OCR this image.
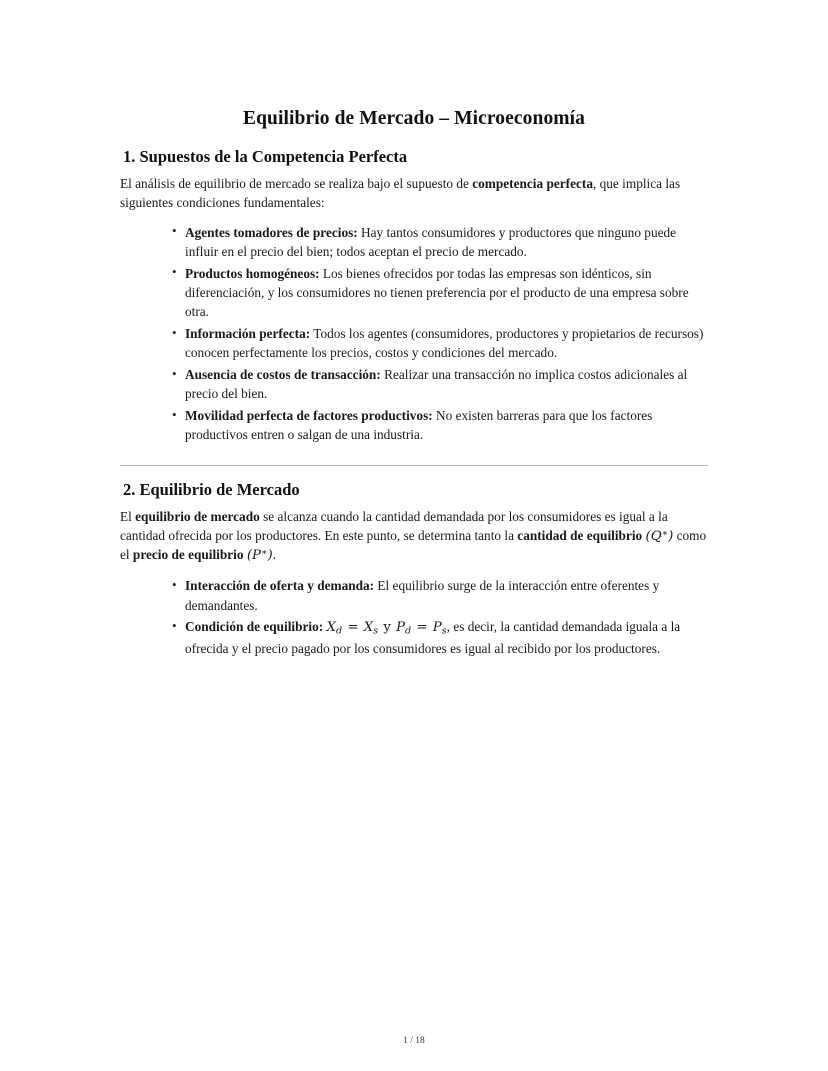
Equilibrio de Mercado – Microeconomía
1. Supuestos de la Competencia Perfecta

El análisis de equilibrio de mercado se realiza bajo el supuesto de competencia perfecta, que implica las siguientes condiciones fundamentales:

• Agentes tomadores de precios: Hay tantos consumidores y productores que ninguno puede influir en el precio del bien; todos aceptan el precio de mercado.
• Productos homogéneos: Los bienes ofrecidos por todas las empresas son idénticos, sin diferenciación, y los consumidores no tienen preferencia por el producto de una empresa sobre otra.
• Información perfecta: Todos los agentes (consumidores, productores y propietarios de recursos) conocen perfectamente los precios, costos y condiciones del mercado.
• Ausencia de costos de transacción: Realizar una transacción no implica costos adicionales al precio del bien.
• Movilidad perfecta de factores productivos: No existen barreras para que los factores productivos entren o salgan de una industria.
2. Equilibrio de Mercado

El equilibrio de mercado se alcanza cuando la cantidad demandada por los consumidores es igual a la cantidad ofrecida por los productores. En este punto, se determina tanto la cantidad de equilibrio (Q∗) como el precio de equilibrio (P∗).

• Interacción de oferta y demanda: El equilibrio surge de la interacción entre oferentes y demandantes.
• Condición de equilibrio: $X_d = X_s$ y $P_d = P_s$, es decir, la cantidad demandada iguala a la ofrecida y el precio pagado por los consumidores es igual al recibido por los productores.
1 / 18
